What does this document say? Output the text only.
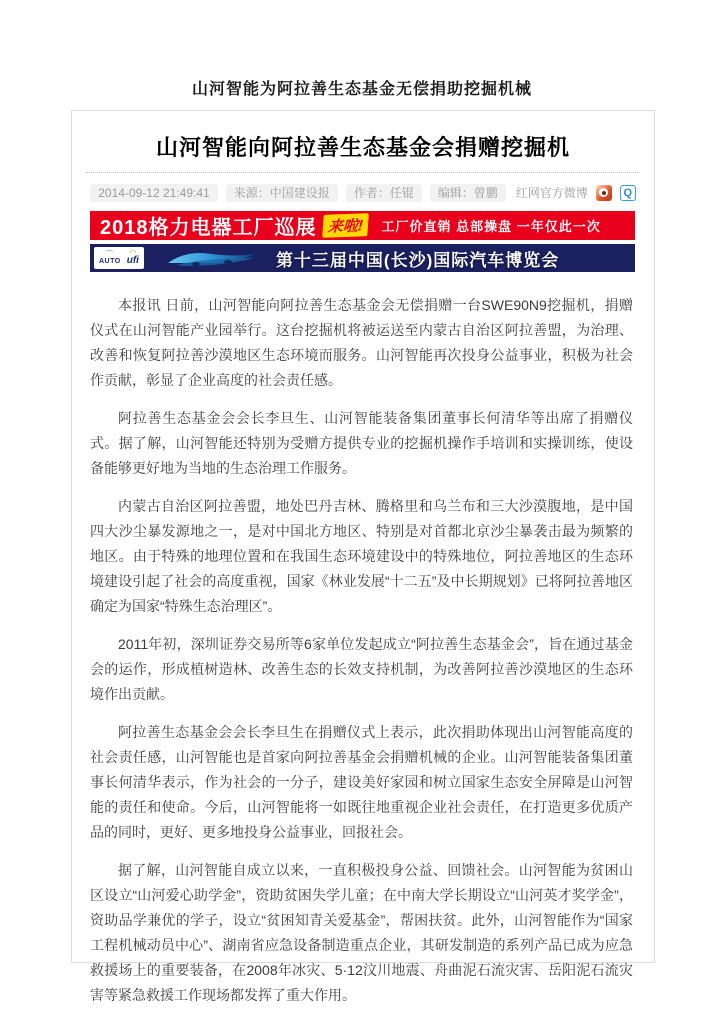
山河智能为阿拉善生态基金无偿捐助挖掘机械
山河智能向阿拉善生态基金会捐赠挖掘机
2014-09-12 21:49:41	来源：中国建设报	作者：任锟	编辑：曾鹏	红网官方微博	Q
2018格力电器工厂巡展 来啦!	工厂价直销 总部操盘 一年仅此一次
⌒
AUTO
◠
ufi	第十三届中国(长沙)国际汽车博览会

本报讯 日前，山河智能向阿拉善生态基金会无偿捐赠一台SWE90N9挖掘机，捐赠仪式在山河智能产业园举行。这台挖掘机将被运送至内蒙古自治区阿拉善盟，为治理、改善和恢复阿拉善沙漠地区生态环境而服务。山河智能再次投身公益事业，积极为社会作贡献，彰显了企业高度的社会责任感。

阿拉善生态基金会会长李旦生、山河智能装备集团董事长何清华等出席了捐赠仪式。据了解，山河智能还特别为受赠方提供专业的挖掘机操作手培训和实操训练，使设备能够更好地为当地的生态治理工作服务。

内蒙古自治区阿拉善盟，地处巴丹吉林、腾格里和乌兰布和三大沙漠腹地，是中国四大沙尘暴发源地之一，是对中国北方地区、特别是对首都北京沙尘暴袭击最为频繁的地区。由于特殊的地理位置和在我国生态环境建设中的特殊地位，阿拉善地区的生态环境建设引起了社会的高度重视，国家《林业发展“十二五”及中长期规划》已将阿拉善地区确定为国家“特殊生态治理区”。

2011年初，深圳证券交易所等6家单位发起成立“阿拉善生态基金会”，旨在通过基金会的运作，形成植树造林、改善生态的长效支持机制，为改善阿拉善沙漠地区的生态环境作出贡献。

阿拉善生态基金会会长李旦生在捐赠仪式上表示，此次捐助体现出山河智能高度的社会责任感，山河智能也是首家向阿拉善基金会捐赠机械的企业。山河智能装备集团董事长何清华表示，作为社会的一分子，建设美好家园和树立国家生态安全屏障是山河智能的责任和使命。今后，山河智能将一如既往地重视企业社会责任，在打造更多优质产品的同时，更好、更多地投身公益事业，回报社会。

据了解，山河智能自成立以来，一直积极投身公益、回馈社会。山河智能为贫困山区设立“山河爱心助学金”，资助贫困失学儿童；在中南大学长期设立“山河英才奖学金”，资助品学兼优的学子，设立“贫困知青关爱基金”，帮困扶贫。此外，山河智能作为“国家工程机械动员中心”、湖南省应急设备制造重点企业，其研发制造的系列产品已成为应急救援场上的重要装备，在2008年冰灾、5·12汶川地震、舟曲泥石流灾害、岳阳泥石流灾害等紧急救援工作现场都发挥了重大作用。
